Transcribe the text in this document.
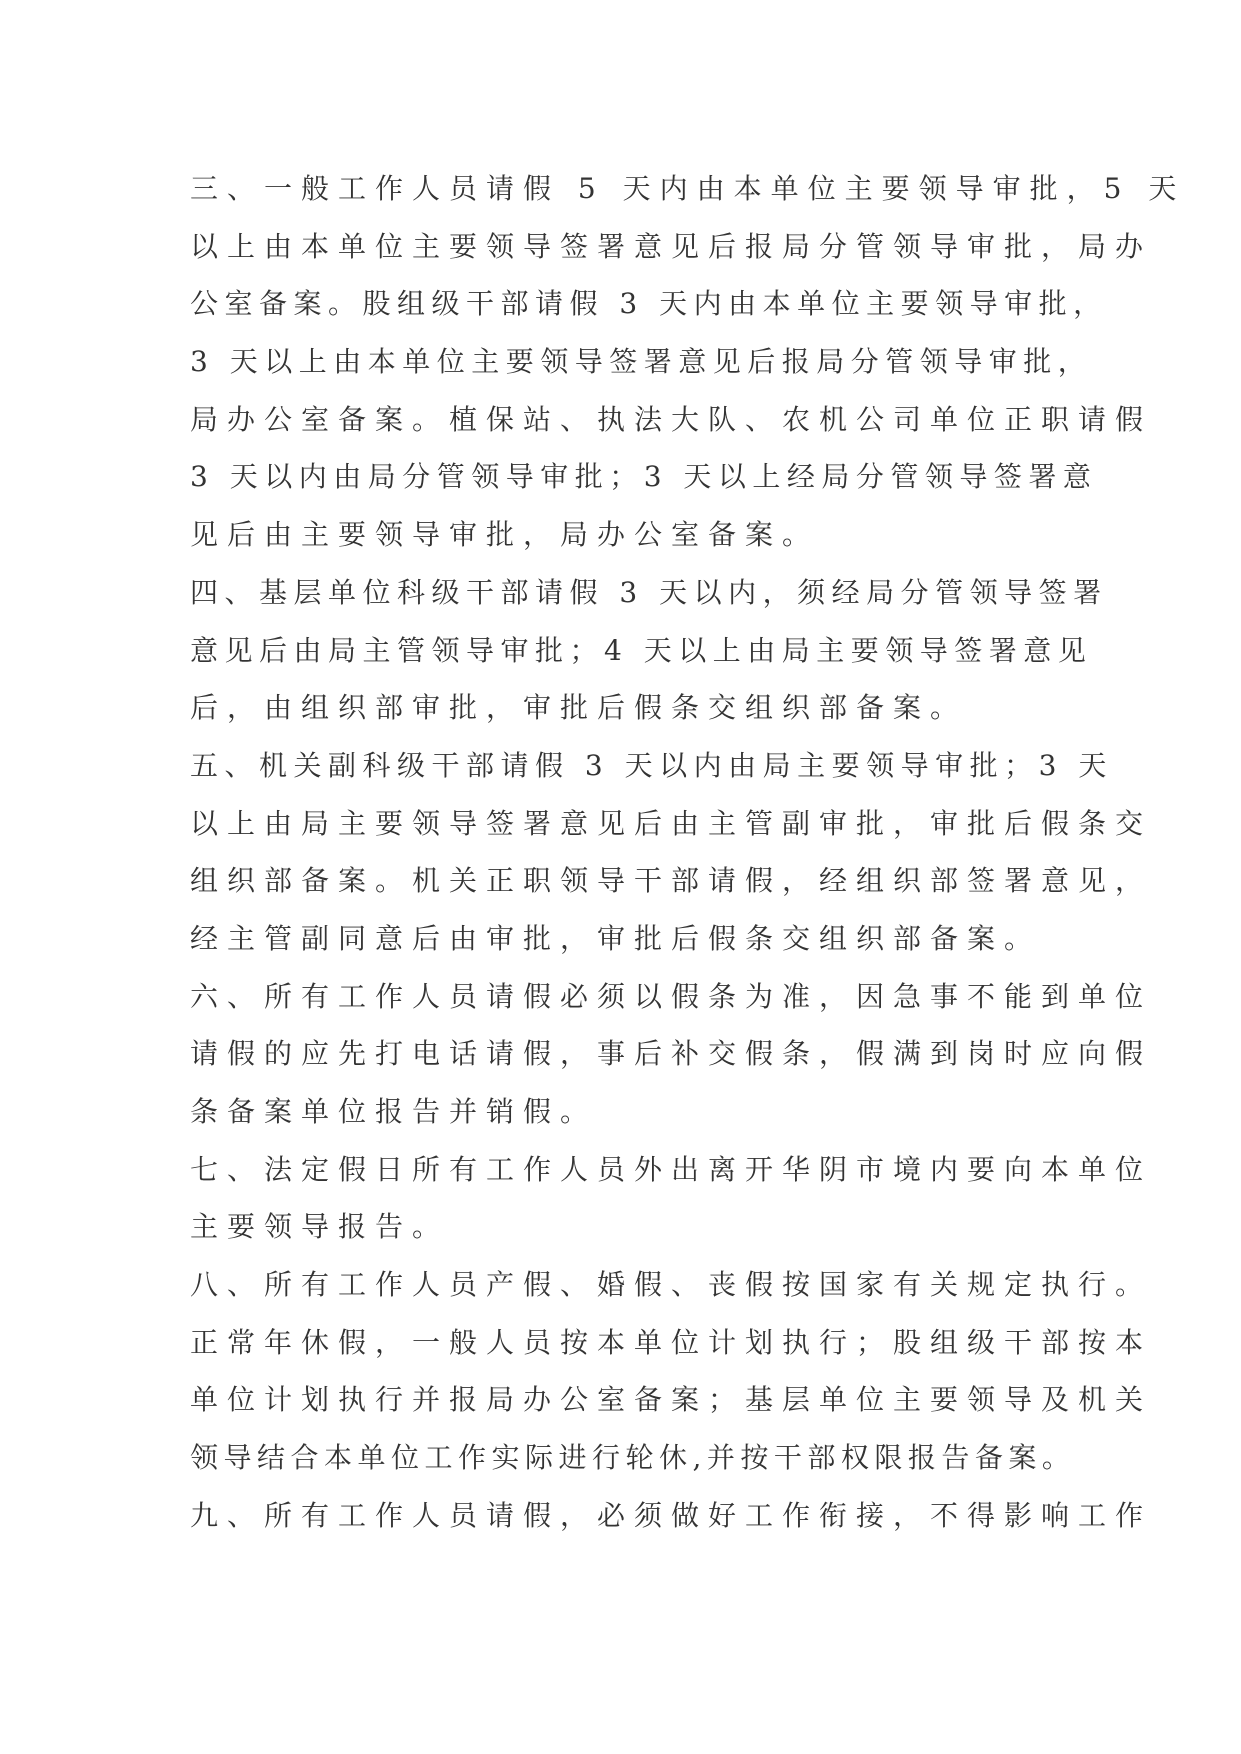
三、一般工作人员请假 5 天内由本单位主要领导审批，5 天
以上由本单位主要领导签署意见后报局分管领导审批，局办
公室备案。股组级干部请假 3 天内由本单位主要领导审批，
3 天以上由本单位主要领导签署意见后报局分管领导审批，
局办公室备案。植保站、执法大队、农机公司单位正职请假
3 天以内由局分管领导审批；3 天以上经局分管领导签署意
见后由主要领导审批，局办公室备案。
四、基层单位科级干部请假 3 天以内，须经局分管领导签署
意见后由局主管领导审批；4 天以上由局主要领导签署意见
后，由组织部审批，审批后假条交组织部备案。
五、机关副科级干部请假 3 天以内由局主要领导审批；3 天
以上由局主要领导签署意见后由主管副审批，审批后假条交
组织部备案。机关正职领导干部请假，经组织部签署意见，
经主管副同意后由审批，审批后假条交组织部备案。
六、所有工作人员请假必须以假条为准，因急事不能到单位
请假的应先打电话请假，事后补交假条，假满到岗时应向假
条备案单位报告并销假。
七、法定假日所有工作人员外出离开华阴市境内要向本单位
主要领导报告。
八、所有工作人员产假、婚假、丧假按国家有关规定执行。
正常年休假，一般人员按本单位计划执行；股组级干部按本
单位计划执行并报局办公室备案；基层单位主要领导及机关
领导结合本单位工作实际进行轮休,并按干部权限报告备案。
九、所有工作人员请假，必须做好工作衔接，不得影响工作
